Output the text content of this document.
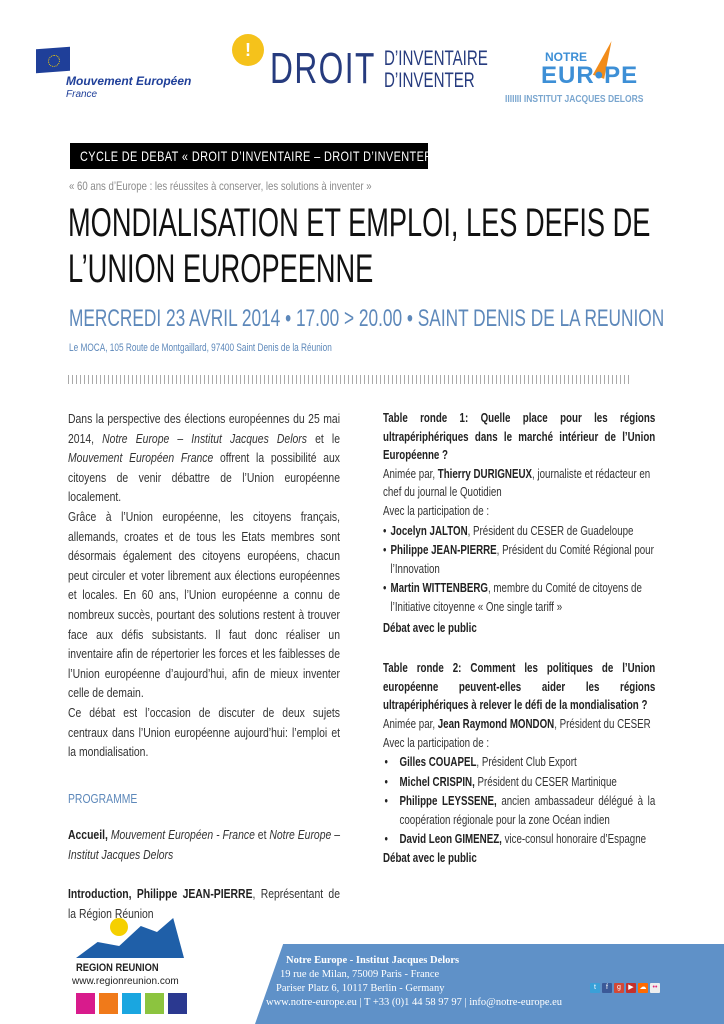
Mouvement Européen
France
! DROIT D’INVENTAIRE
D’INVENTER
NOTRE
EUR•PE
IIIIIII INSTITUT JACQUES DELORS
CYCLE DE DEBAT « DROIT D’INVENTAIRE – DROIT D’INVENTER »
« 60 ans d’Europe : les réussites à conserver, les solutions à inventer »
MONDIALISATION ET EMPLOI, LES DEFIS DE
L’UNION EUROPEENNE
MERCREDI 23 AVRIL 2014 • 17.00 > 20.00 • SAINT DENIS DE LA REUNION
Le MOCA, 105 Route de Montgaillard, 97400 Saint Denis de la Réunion

Dans la perspective des élections européennes du 25 mai 2014, Notre Europe – Institut Jacques Delors et le Mouvement Européen France offrent la possibilité aux citoyens de venir débattre de l’Union européenne localement.

Grâce à l’Union européenne, les citoyens français, allemands, croates et de tous les Etats membres sont désormais également des citoyens européens, chacun peut circuler et voter librement aux élections européennes et locales. En 60 ans, l’Union européenne a connu de nombreux succès, pourtant des solutions restent à trouver face aux défis subsistants. Il faut donc réaliser un inventaire afin de répertorier les forces et les faiblesses de l’Union européenne d’aujourd’hui, afin de mieux inventer celle de demain.

Ce débat est l’occasion de discuter de deux sujets centraux dans l’Union européenne aujourd’hui: l’emploi et la mondialisation.

PROGRAMME

Accueil, Mouvement Européen - France et Notre Europe – Institut Jacques Delors

Introduction, Philippe JEAN-PIERRE, Représentant de la Région Réunion

Table ronde 1: Quelle place pour les régions ultrapériphériques dans le marché intérieur de l’Union Européenne ?

Animée par, Thierry DURIGNEUX, journaliste et rédacteur en chef du journal le Quotidien

Avec la participation de :

• Jocelyn JALTON, Président du CESER de Guadeloupe
• Philippe JEAN-PIERRE, Président du Comité Régional pour l’Innovation
• Martin WITTENBERG, membre du Comité de citoyens de l’Initiative citoyenne « One single tariff »

Débat avec le public

Table ronde 2: Comment les politiques de l’Union européenne peuvent-elles aider les régions ultrapériphériques à relever le défi de la mondialisation ?

Animée par, Jean Raymond MONDON, Président du CESER

Avec la participation de :

• Gilles COUAPEL, Président Club Export
• Michel CRISPIN, Président du CESER Martinique
• Philippe LEYSSENE, ancien ambassadeur délégué à la coopération régionale pour la zone Océan indien
• David Leon GIMENEZ, vice-consul honoraire d’Espagne

Débat avec le public

REGION REUNION
www.regionreunion.com
Notre Europe - Institut Jacques Delors
19 rue de Milan, 75009 Paris - France
Pariser Platz 6, 10117 Berlin - Germany
www.notre-europe.eu | T +33 (0)1 44 58 97 97 | info@notre-europe.eu
t	f	g	▶ ☁ ••
